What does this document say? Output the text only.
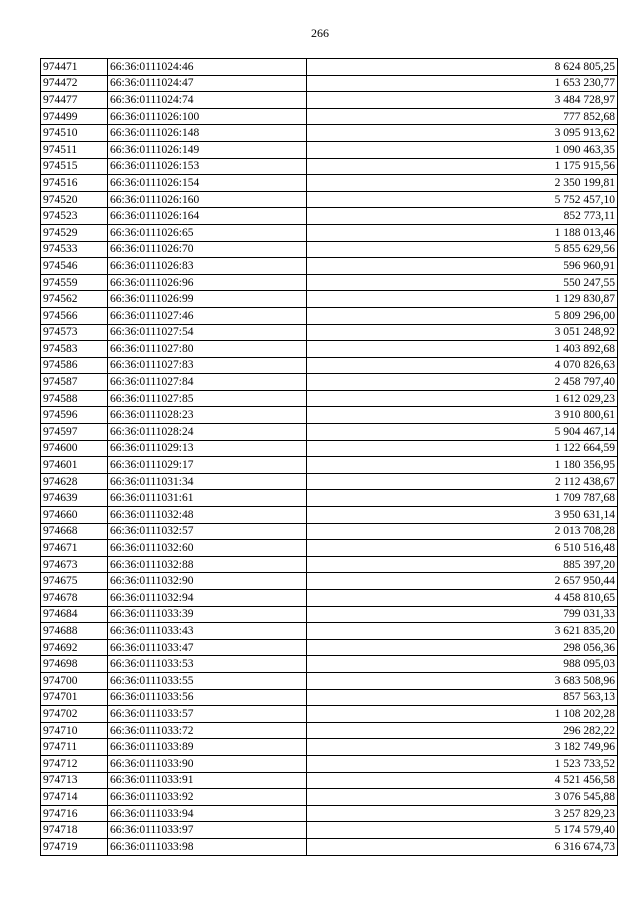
266
974471	66:36:0111024:46	8 624 805,25
974472	66:36:0111024:47	1 653 230,77
974477	66:36:0111024:74	3 484 728,97
974499	66:36:0111026:100	777 852,68
974510	66:36:0111026:148	3 095 913,62
974511	66:36:0111026:149	1 090 463,35
974515	66:36:0111026:153	1 175 915,56
974516	66:36:0111026:154	2 350 199,81
974520	66:36:0111026:160	5 752 457,10
974523	66:36:0111026:164	852 773,11
974529	66:36:0111026:65	1 188 013,46
974533	66:36:0111026:70	5 855 629,56
974546	66:36:0111026:83	596 960,91
974559	66:36:0111026:96	550 247,55
974562	66:36:0111026:99	1 129 830,87
974566	66:36:0111027:46	5 809 296,00
974573	66:36:0111027:54	3 051 248,92
974583	66:36:0111027:80	1 403 892,68
974586	66:36:0111027:83	4 070 826,63
974587	66:36:0111027:84	2 458 797,40
974588	66:36:0111027:85	1 612 029,23
974596	66:36:0111028:23	3 910 800,61
974597	66:36:0111028:24	5 904 467,14
974600	66:36:0111029:13	1 122 664,59
974601	66:36:0111029:17	1 180 356,95
974628	66:36:0111031:34	2 112 438,67
974639	66:36:0111031:61	1 709 787,68
974660	66:36:0111032:48	3 950 631,14
974668	66:36:0111032:57	2 013 708,28
974671	66:36:0111032:60	6 510 516,48
974673	66:36:0111032:88	885 397,20
974675	66:36:0111032:90	2 657 950,44
974678	66:36:0111032:94	4 458 810,65
974684	66:36:0111033:39	799 031,33
974688	66:36:0111033:43	3 621 835,20
974692	66:36:0111033:47	298 056,36
974698	66:36:0111033:53	988 095,03
974700	66:36:0111033:55	3 683 508,96
974701	66:36:0111033:56	857 563,13
974702	66:36:0111033:57	1 108 202,28
974710	66:36:0111033:72	296 282,22
974711	66:36:0111033:89	3 182 749,96
974712	66:36:0111033:90	1 523 733,52
974713	66:36:0111033:91	4 521 456,58
974714	66:36:0111033:92	3 076 545,88
974716	66:36:0111033:94	3 257 829,23
974718	66:36:0111033:97	5 174 579,40
974719	66:36:0111033:98	6 316 674,73
